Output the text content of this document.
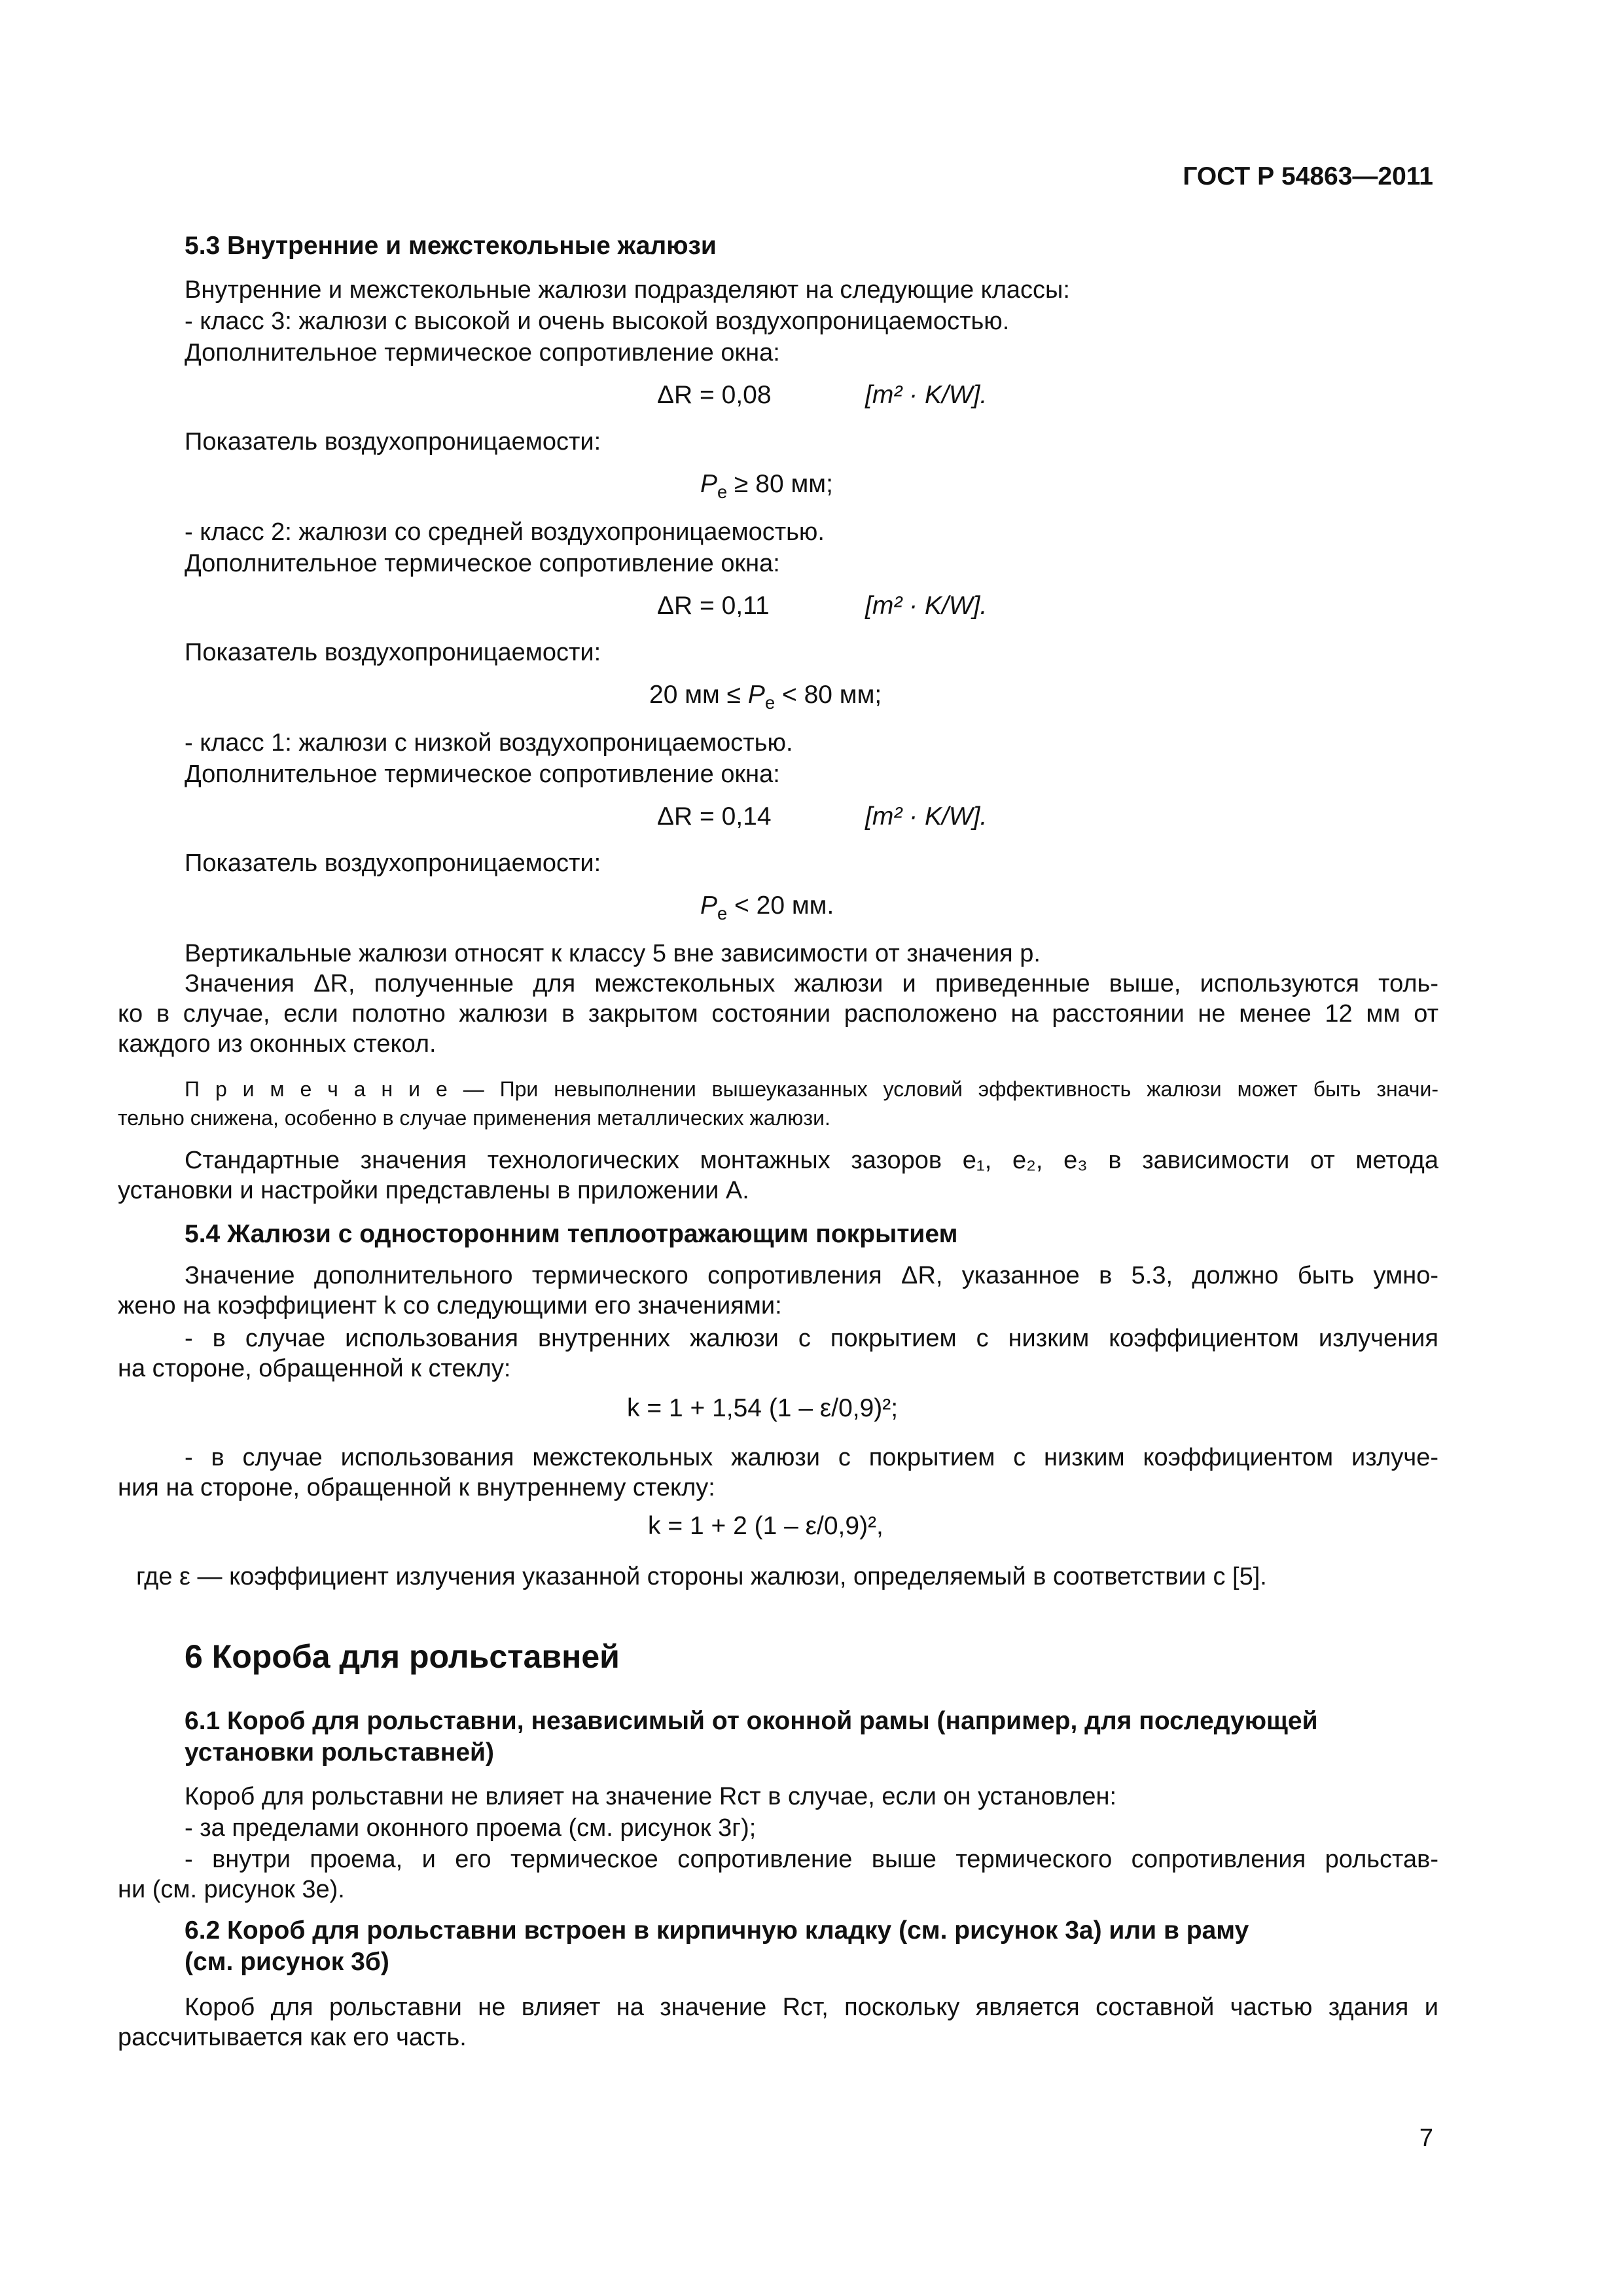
ГОСТ Р 54863—2011
5.3 Внутренние и межстекольные жалюзи
Внутренние и межстекольные жалюзи подразделяют на следующие классы:
- класс 3: жалюзи с высокой и очень высокой воздухопроницаемостью.
Дополнительное термическое сопротивление окна:
ΔR = 0,08	[m² · K/W].
Показатель воздухопроницаемости:
$P_e \ge 80$ мм;
- класс 2: жалюзи со средней воздухопроницаемостью.
Дополнительное термическое сопротивление окна:
ΔR = 0,11	[m² · K/W].
Показатель воздухопроницаемости:
20 мм ≤ $P_e < 80$ мм;
- класс 1: жалюзи с низкой воздухопроницаемостью.
Дополнительное термическое сопротивление окна:
ΔR = 0,14	[m² · K/W].
Показатель воздухопроницаемости:
$P_e < 20$ мм.
Вертикальные жалюзи относят к классу 5 вне зависимости от значения p.
Значения ΔR, полученные для межстекольных жалюзи и приведенные выше, используются толь-
ко в случае, если полотно жалюзи в закрытом состоянии расположено на расстоянии не менее 12 мм от
каждого из оконных стекол.
П р и м е ч а н и е — При невыполнении вышеуказанных условий эффективность жалюзи может быть значи-
тельно снижена, особенно в случае применения металлических жалюзи.
Стандартные значения технологических монтажных зазоров e₁, e₂, e₃ в зависимости от метода
установки и настройки представлены в приложении А.
5.4 Жалюзи с односторонним теплоотражающим покрытием
Значение дополнительного термического сопротивления ΔR, указанное в 5.3, должно быть умно-
жено на коэффициент k со следующими его значениями:
- в случае использования внутренних жалюзи с покрытием с низким коэффициентом излучения
на стороне, обращенной к стеклу:
k = 1 + 1,54 (1 – ε/0,9)²;
- в случае использования межстекольных жалюзи с покрытием с низким коэффициентом излуче-
ния на стороне, обращенной к внутреннему стеклу:
k = 1 + 2 (1 – ε/0,9)²,
где ε — коэффициент излучения указанной стороны жалюзи, определяемый в соответствии с [5].
6 Короба для рольставней
6.1 Короб для рольставни, независимый от оконной рамы (например, для последующей
установки рольставней)
Короб для рольставни не влияет на значение Rст в случае, если он установлен:
- за пределами оконного проема (см. рисунок 3г);
- внутри проема, и его термическое сопротивление выше термического сопротивления рольстав-
ни (см. рисунок 3е).
6.2 Короб для рольставни встроен в кирпичную кладку (см. рисунок 3а) или в раму
(см. рисунок 3б)
Короб для рольставни не влияет на значение Rст, поскольку является составной частью здания и
рассчитывается как его часть.
7
